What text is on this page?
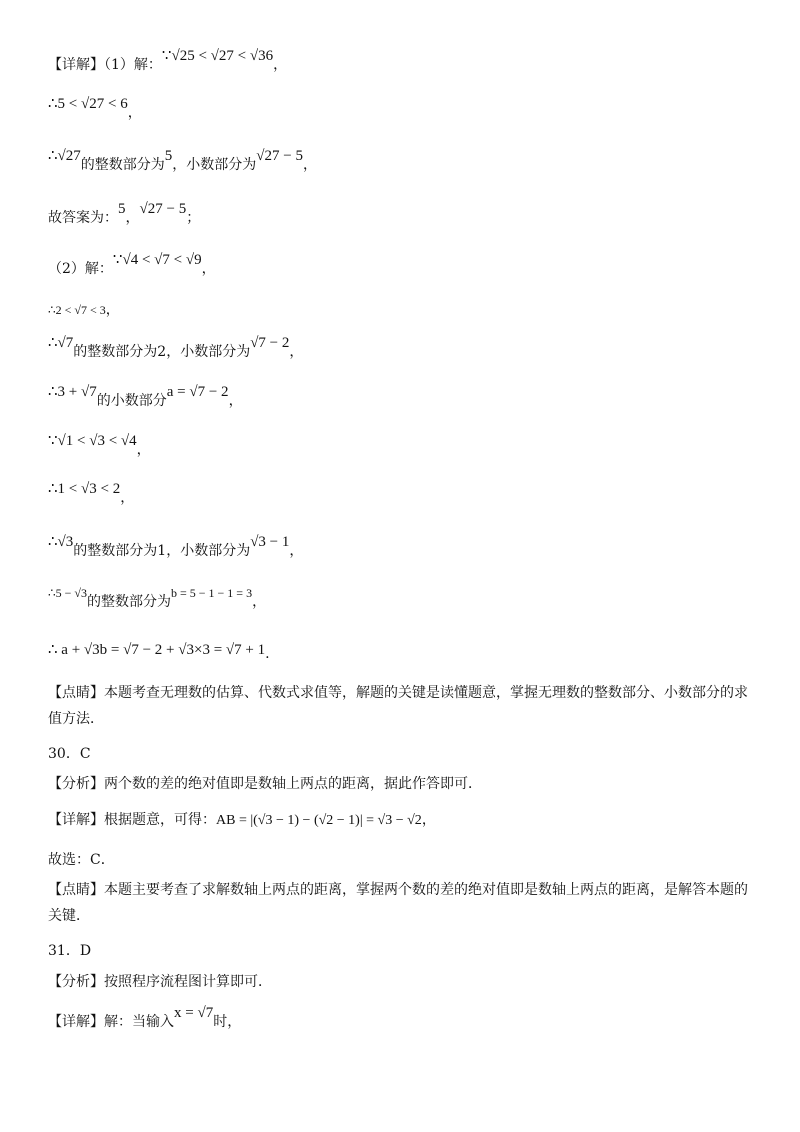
【详解】（1）解：∵√25 < √27 < √36，
∴5 < √27 < 6，
∴√27的整数部分为5，小数部分为√27 − 5，
故答案为：5，√27 − 5；
（2）解：∵√4 < √7 < √9，
∴2 < √7 < 3，
∴√7的整数部分为2，小数部分为√7 − 2，
∴3 + √7的小数部分a = √7 − 2，
∵√1 < √3 < √4，
∴1 < √3 < 2，
∴√3的整数部分为1，小数部分为√3 − 1，
∴5 − √3的整数部分为b = 5 − 1 − 1 = 3，
∴ a + √3b = √7 − 2 + √3×3 = √7 + 1.
【点睛】本题考查无理数的估算、代数式求值等，解题的关键是读懂题意，掌握无理数的整数部分、小数部分的求值方法．
30．C
【分析】两个数的差的绝对值即是数轴上两点的距离，据此作答即可．
【详解】根据题意，可得：AB = |(√3 − 1) − (√2 − 1)| = √3 − √2，
故选：C．
【点睛】本题主要考查了求解数轴上两点的距离，掌握两个数的差的绝对值即是数轴上两点的距离，是解答本题的关键．
31．D
【分析】按照程序流程图计算即可．
【详解】解：当输入x = √7时，
